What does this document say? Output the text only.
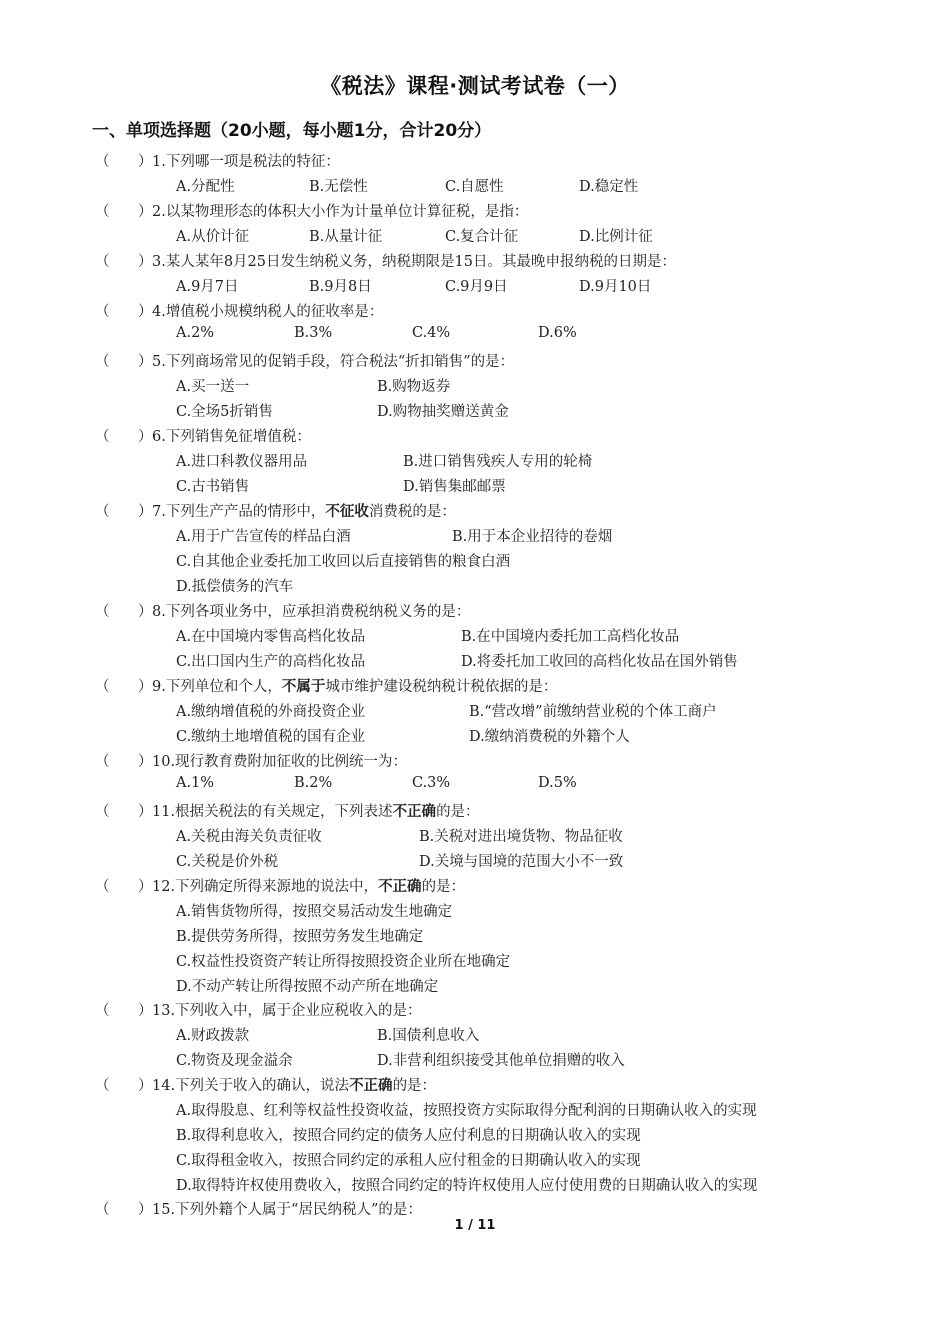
《税法》课程·测试考试卷（一）
一、单项选择题（20小题，每小题1分，合计20分）
（ ） 1.下列哪一项是税法的特征：
A.分配性	B.无偿性	C.自愿性	D.稳定性
（ ） 2.以某物理形态的体积大小作为计量单位计算征税，是指：
A.从价计征	B.从量计征	C.复合计征	D.比例计征
（ ） 3.某人某年8月25日发生纳税义务，纳税期限是15日。其最晚申报纳税的日期是：
A.9月7日	B.9月8日	C.9月9日	D.9月10日
（ ） 4.增值税小规模纳税人的征收率是：
A.2%	B.3%	C.4%	D.6%
（ ） 5.下列商场常见的促销手段，符合税法“折扣销售”的是：
A.买一送一	B.购物返券
C.全场5折销售	D.购物抽奖赠送黄金
（ ） 6.下列销售免征增值税：
A.进口科教仪器用品	B.进口销售残疾人专用的轮椅
C.古书销售	D.销售集邮邮票
（ ） 7.下列生产产品的情形中，不征收消费税的是：
A.用于广告宣传的样品白酒	B.用于本企业招待的卷烟
C.自其他企业委托加工收回以后直接销售的粮食白酒
D.抵偿债务的汽车
（ ） 8.下列各项业务中，应承担消费税纳税义务的是：
A.在中国境内零售高档化妆品	B.在中国境内委托加工高档化妆品
C.出口国内生产的高档化妆品	D.将委托加工收回的高档化妆品在国外销售
（ ） 9.下列单位和个人，不属于城市维护建设税纳税计税依据的是：
A.缴纳增值税的外商投资企业	B.“营改增”前缴纳营业税的个体工商户
C.缴纳土地增值税的国有企业	D.缴纳消费税的外籍个人
（ ） 10.现行教育费附加征收的比例统一为：
A.1%	B.2%	C.3%	D.5%
（ ） 11.根据关税法的有关规定，下列表述不正确的是：
A.关税由海关负责征收	B.关税对进出境货物、物品征收
C.关税是价外税	D.关境与国境的范围大小不一致
（ ） 12.下列确定所得来源地的说法中，不正确的是：
A.销售货物所得，按照交易活动发生地确定
B.提供劳务所得，按照劳务发生地确定
C.权益性投资资产转让所得按照投资企业所在地确定
D.不动产转让所得按照不动产所在地确定
（ ） 13.下列收入中，属于企业应税收入的是：
A.财政拨款	B.国债利息收入
C.物资及现金溢余	D.非营利组织接受其他单位捐赠的收入
（ ） 14.下列关于收入的确认，说法不正确的是：
A.取得股息、红利等权益性投资收益，按照投资方实际取得分配利润的日期确认收入的实现
B.取得利息收入，按照合同约定的债务人应付利息的日期确认收入的实现
C.取得租金收入，按照合同约定的承租人应付租金的日期确认收入的实现
D.取得特许权使用费收入，按照合同约定的特许权使用人应付使用费的日期确认收入的实现
（ ） 15.下列外籍个人属于“居民纳税人”的是：
1 / 11
